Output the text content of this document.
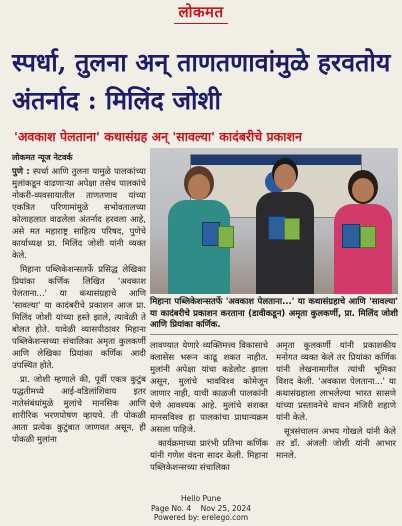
लोकमत
स्पर्धा, तुलना अन् ताणतणावांमुळे हरवतोय अंतर्नाद : मिलिंद जोशी
'अवकाश पेलताना' कथासंग्रह अन् 'सावल्या' कादंबरीचे प्रकाशन

लोकमत न्यूज नेटवर्क

पुणे : स्पर्धा आणि तुलना यामुळे पालकांच्या मुलांकडून वाढणाऱ्या अपेक्षा तसेच पालकांचे नोकरी-व्यवसायातील ताणतणाव यांच्या एकत्रित परिणामांमुळे सभोवतालच्या कोलाहलात वाढलेला अंतर्नाद हरवला आहे, असे मत महाराष्ट्र साहित्य परिषद, पुणेचे कार्याध्यक्ष प्रा. मिलिंद जोशी यांनी व्यक्त केले.

मिहाना पब्लिकेशन्सतर्फे प्रसिद्ध लेखिका प्रियांका कर्णिक लिखित 'अवकाश पेलताना...' या कथासंग्रहाचे आणि 'सावल्या' या कादंबरीचे प्रकाशन आज प्रा. मिलिंद जोशी यांच्या हस्ते झाले, त्यावेळी ते बोलत होते. यावेळी व्यासपीठावर मिहाना पब्लिकेशन्सच्या संचालिका अमृता कुलकर्णी आणि लेखिका प्रियांका कर्णिक आदी उपस्थित होते.

प्रा. जोशी म्हणाले की, पूर्वी एकत्र कुटुंब पद्धतीमध्ये आई-वडिलांशिवाय इतर नातेसंबंधांमुळे मुलांचे मानसिक आणि शारीरिक भरणपोषण व्हायचे. ती पोकळी आता प्रत्येक कुटुंबात जाणवत असून, ही पोकळी मुलांना

मिहाना पब्लिकेशन्सतर्फे 'अवकाश पेलताना...' या कथासंग्रहाचे आणि 'सावल्या' या कादंबरीचे प्रकाशन करताना (डावीकडून) अमृता कुलकर्णी, प्रा. मिलिंद जोशी आणि प्रियांका कर्णिक.

लावण्यात येणारे व्यक्तिमत्त्व विकासाचे क्लासेस भरून काढू शकत नाहीत. मुलांनी अपेक्षा यांचा कडेलोट झाला असून, मुलांचे भावविश्व कोमेजून जाणार नाही, याची काळजी पालकांनी घेणे आवश्यक आहे. मुलांचे सशक्त मानसविश्व हा पालकांचा प्राधान्यक्रम असला पाहिजे.

कार्यक्रमाच्या प्रारंभी प्रतिभा कर्णिक यांनी गणेश वंदना सादर केली. मिहाना पब्लिकेशन्सच्या संचालिका

अमृता कुलकर्णी यांनी प्रकाशकीय मनोगत व्यक्त केले तर प्रियांका कर्णिक यांनी लेखनामागील त्यांची भूमिका विशद केली. 'अवकाश पेलताना...' या कथासंग्रहाला लाभलेल्या भारत सासणे यांच्या प्रस्तावनेचे वाचन मंजिरी शहाणे यांनी केले.

सूत्रसंचालन अभय गोखले यांनी केले तर डॉ. अंजली जोशी यांनी आभार मानले.

Hello Pune
Page No. 4    Nov 25, 2024
Powered by: erelego.com
